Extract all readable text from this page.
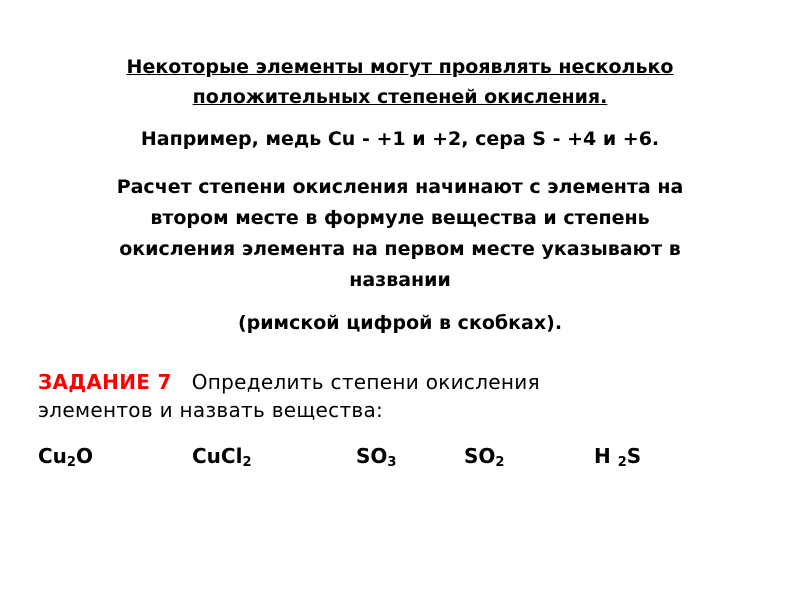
Некоторые элементы могут проявлять несколько
положительных степеней окисления.
Например, медь Cu - +1 и +2, сера S - +4 и +6.
Расчет степени окисления начинают с элемента на
втором месте в формуле вещества и степень
окисления элемента на первом месте указывают в
названии
(римской цифрой в скобках).
ЗАДАНИЕ 7 Определить степени окисления
элементов и назвать вещества:
$Cu_2O$	CuCl$_2$	$SO_3$	$SO_2$	H $_2$S
